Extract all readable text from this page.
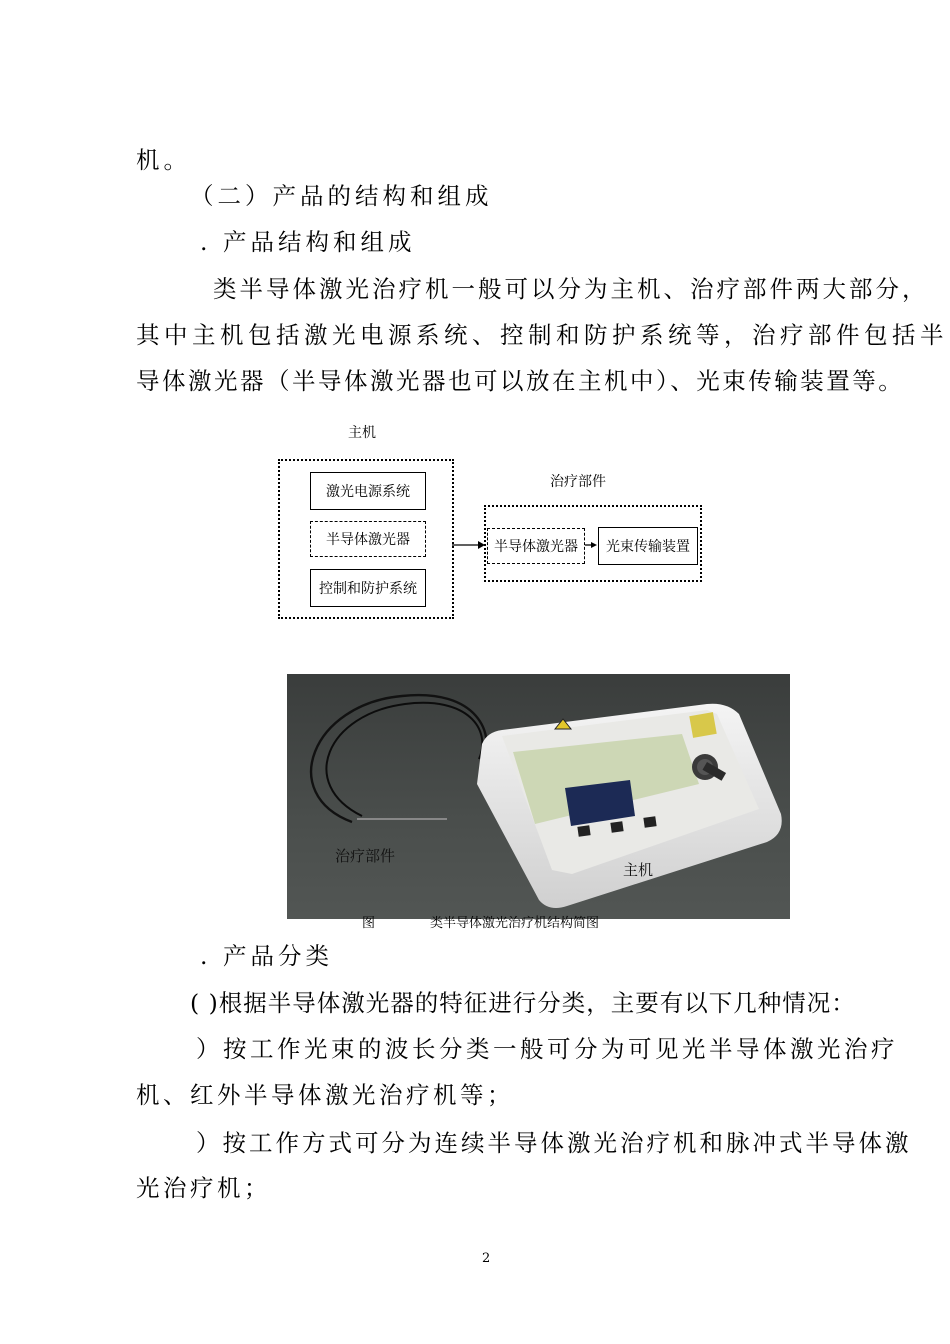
机。
（二）产品的结构和组成
. 产品结构和组成
类半导体激光治疗机一般可以分为主机、治疗部件两大部分，
其中主机包括激光电源系统、控制和防护系统等，治疗部件包括半
导体激光器（半导体激光器也可以放在主机中）、光束传输装置等。
主机
激光电源系统
半导体激光器
控制和防护系统
治疗部件
半导体激光器	光束传输装置
治疗部件
主机
图	类半导体激光治疗机结构简图
. 产品分类
( )根据半导体激光器的特征进行分类，主要有以下几种情况：
）按工作光束的波长分类一般可分为可见光半导体激光治疗
机、红外半导体激光治疗机等；
）按工作方式可分为连续半导体激光治疗机和脉冲式半导体激
光治疗机；
2
